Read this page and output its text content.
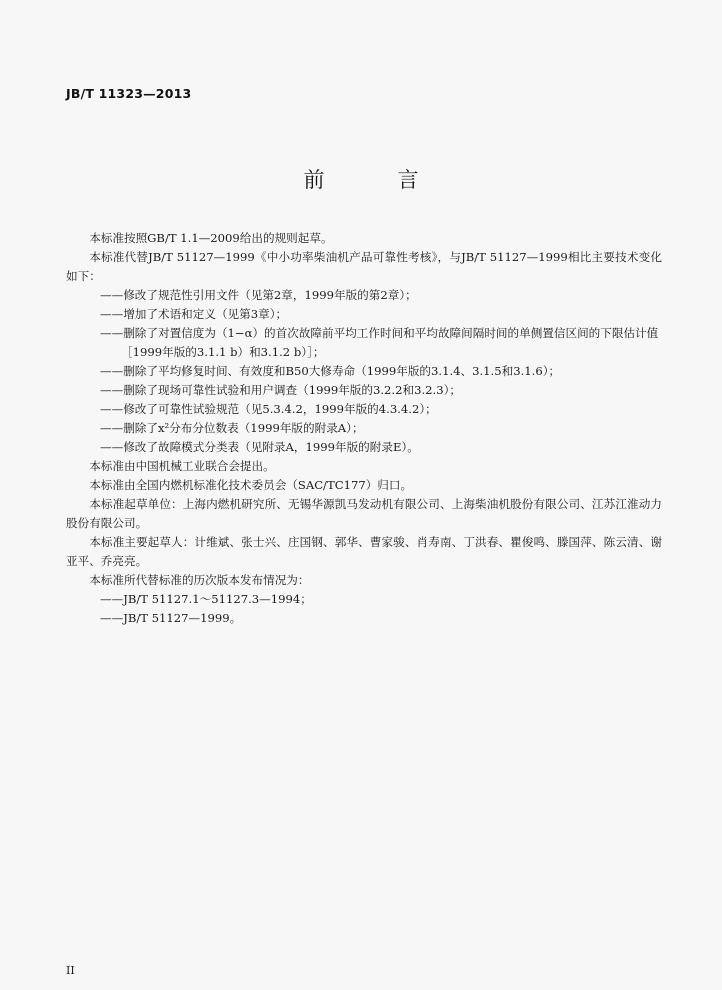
JB/T 11323—2013
前　言

本标准按照GB/T 1.1—2009给出的规则起草。

本标准代替JB/T 51127—1999《中小功率柴油机产品可靠性考核》，与JB/T 51127—1999相比主要技术变化如下：

——修改了规范性引用文件（见第2章，1999年版的第2章）；

——增加了术语和定义（见第3章）；

——删除了对置信度为（1−α）的首次故障前平均工作时间和平均故障间隔时间的单侧置信区间的下限估计值［1999年版的3.1.1 b）和3.1.2 b）］；

——删除了平均修复时间、有效度和B50大修寿命（1999年版的3.1.4、3.1.5和3.1.6）；

——删除了现场可靠性试验和用户调查（1999年版的3.2.2和3.2.3）；

——修改了可靠性试验规范（见5.3.4.2，1999年版的4.3.4.2）；

——删除了x²分布分位数表（1999年版的附录A）；

——修改了故障模式分类表（见附录A，1999年版的附录E）。

本标准由中国机械工业联合会提出。

本标准由全国内燃机标准化技术委员会（SAC/TC177）归口。

本标准起草单位：上海内燃机研究所、无锡华源凯马发动机有限公司、上海柴油机股份有限公司、江苏江淮动力股份有限公司。

本标准主要起草人：计维斌、张士兴、庄国钢、郭华、曹家骏、肖寿南、丁洪春、瞿俊鸣、滕国萍、陈云清、谢亚平、乔亮亮。

本标准所代替标准的历次版本发布情况为：

——JB/T 51127.1～51127.3—1994；

——JB/T 51127—1999。

II
